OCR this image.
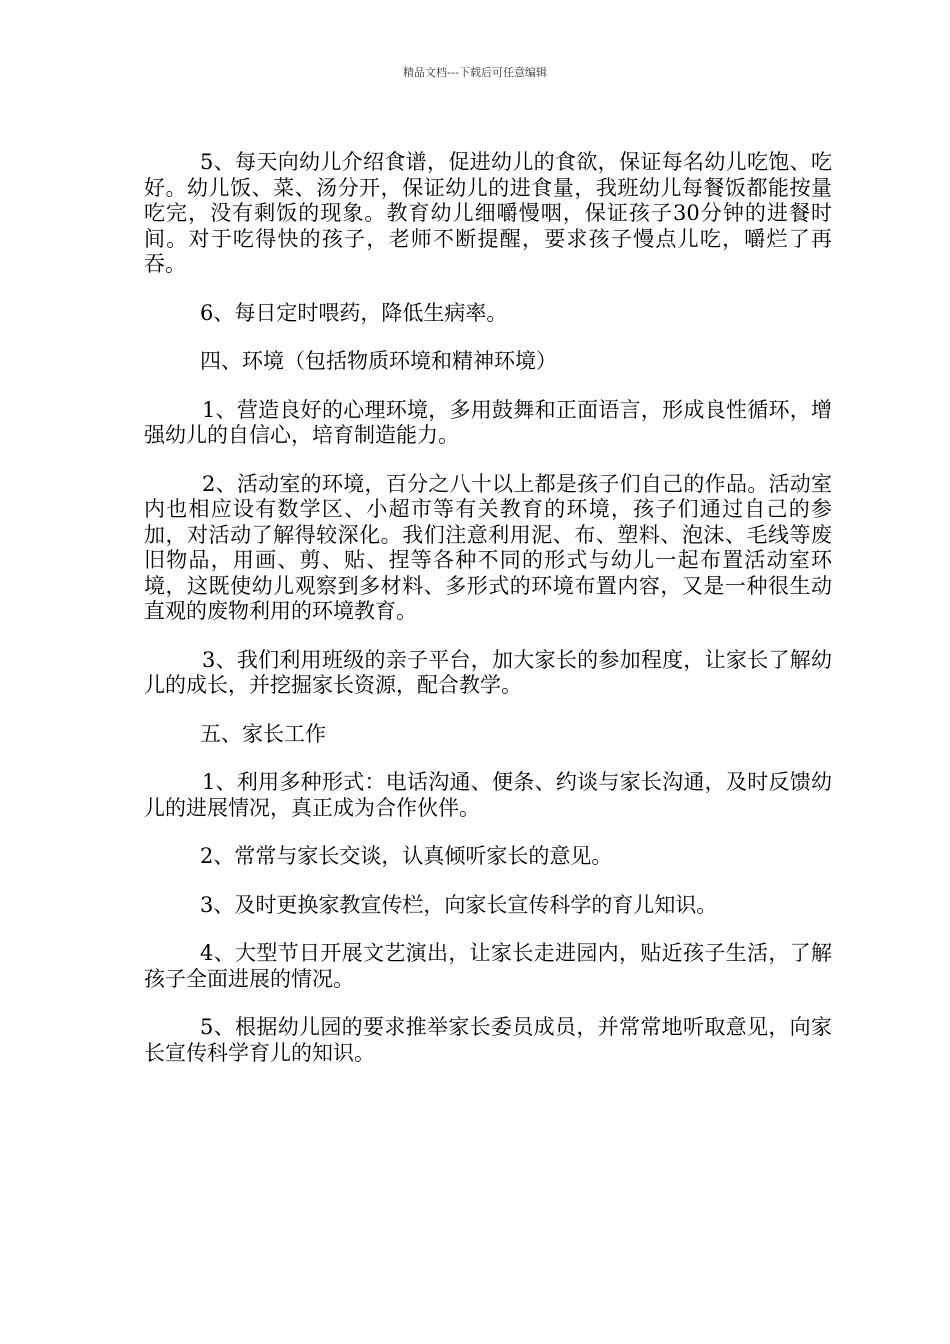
精品文档---下载后可任意编辑

5、每天向幼儿介绍食谱，促进幼儿的食欲，保证每名幼儿吃饱、吃好。幼儿饭、菜、汤分开，保证幼儿的进食量，我班幼儿每餐饭都能按量吃完，没有剩饭的现象。教育幼儿细嚼慢咽，保证孩子30分钟的进餐时间。对于吃得快的孩子，老师不断提醒，要求孩子慢点儿吃，嚼烂了再吞。

6、每日定时喂药，降低生病率。

四、环境（包括物质环境和精神环境）

1、营造良好的心理环境，多用鼓舞和正面语言，形成良性循环，增强幼儿的自信心，培育制造能力。

2、活动室的环境，百分之八十以上都是孩子们自己的作品。活动室内也相应设有数学区、小超市等有关教育的环境，孩子们通过自己的参加，对活动了解得较深化。我们注意利用泥、布、塑料、泡沫、毛线等废旧物品，用画、剪、贴、捏等各种不同的形式与幼儿一起布置活动室环境，这既使幼儿观察到多材料、多形式的环境布置内容，又是一种很生动直观的废物利用的环境教育。

3、我们利用班级的亲子平台，加大家长的参加程度，让家长了解幼儿的成长，并挖掘家长资源，配合教学。

五、家长工作

1、利用多种形式：电话沟通、便条、约谈与家长沟通，及时反馈幼儿的进展情况，真正成为合作伙伴。

2、常常与家长交谈，认真倾听家长的意见。

3、及时更换家教宣传栏，向家长宣传科学的育儿知识。

4、大型节日开展文艺演出，让家长走进园内，贴近孩子生活，了解孩子全面进展的情况。

5、根据幼儿园的要求推举家长委员成员，并常常地听取意见，向家长宣传科学育儿的知识。
